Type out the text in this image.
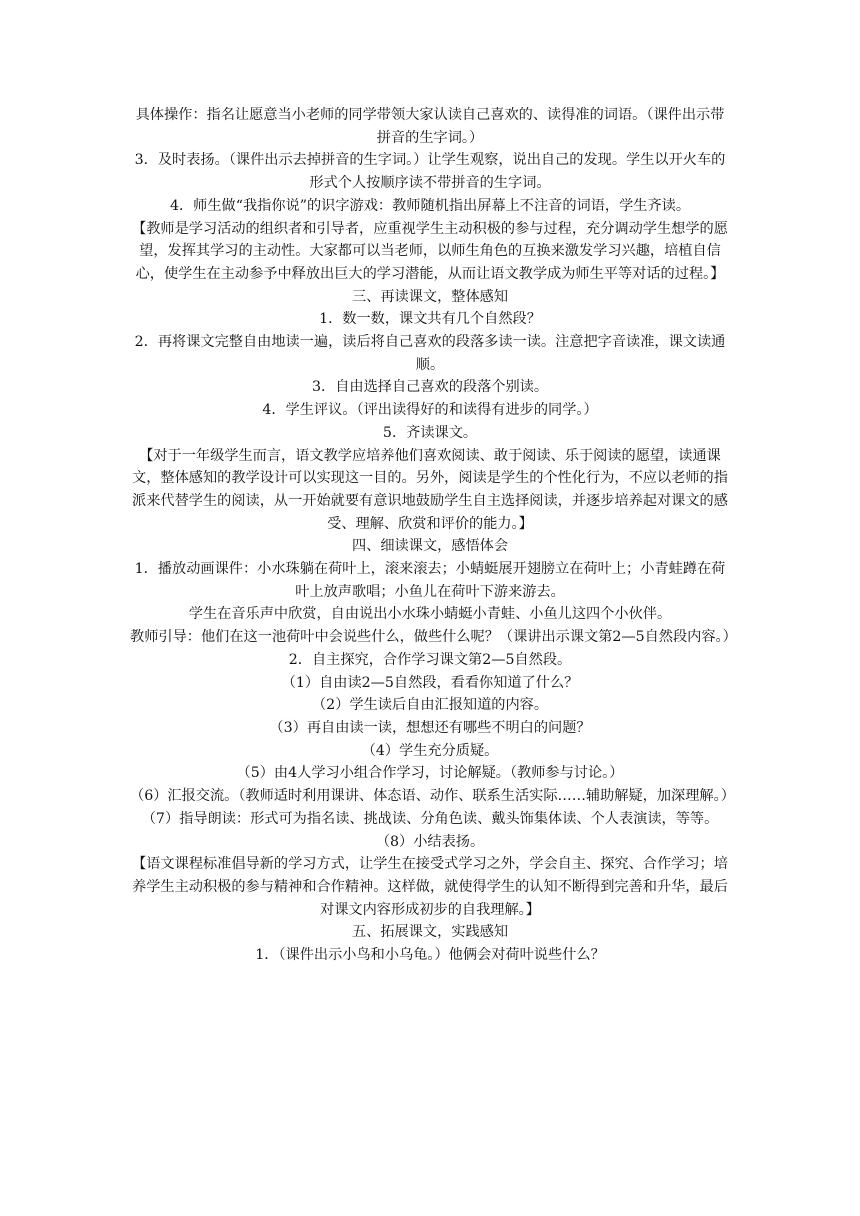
具体操作：指名让愿意当小老师的同学带领大家认读自己喜欢的、读得准的词语。（课件出示带拼音的生字词。）

3．及时表扬。（课件出示去掉拼音的生字词。）让学生观察，说出自己的发现。学生以开火车的形式个人按顺序读不带拼音的生字词。

4．师生做“我指你说”的识字游戏：教师随机指出屏幕上不注音的词语，学生齐读。

【教师是学习活动的组织者和引导者，应重视学生主动积极的参与过程，充分调动学生想学的愿望，发挥其学习的主动性。大家都可以当老师，以师生角色的互换来激发学习兴趣，培植自信心，使学生在主动参予中释放出巨大的学习潜能，从而让语文教学成为师生平等对话的过程。】

三、再读课文，整体感知

1．数一数，课文共有几个自然段？

2．再将课文完整自由地读一遍，读后将自己喜欢的段落多读一读。注意把字音读准，课文读通顺。

3．自由选择自己喜欢的段落个别读。

4．学生评议。（评出读得好的和读得有进步的同学。）

5．齐读课文。

【对于一年级学生而言，语文教学应培养他们喜欢阅读、敢于阅读、乐于阅读的愿望，读通课文，整体感知的教学设计可以实现这一目的。另外，阅读是学生的个性化行为，不应以老师的指派来代替学生的阅读，从一开始就要有意识地鼓励学生自主选择阅读，并逐步培养起对课文的感受、理解、欣赏和评价的能力。】

四、细读课文，感悟体会

1．播放动画课件：小水珠躺在荷叶上，滚来滚去；小蜻蜓展开翅膀立在荷叶上；小青蛙蹲在荷叶上放声歌唱；小鱼儿在荷叶下游来游去。

学生在音乐声中欣赏，自由说出小水珠小蜻蜓小青蛙、小鱼儿这四个小伙伴。

教师引导：他们在这一池荷叶中会说些什么，做些什么呢？（课讲出示课文第2—5自然段内容。）

2．自主探究，合作学习课文第2—5自然段。

（1）自由读2—5自然段，看看你知道了什么？

（2）学生读后自由汇报知道的内容。

（3）再自由读一读，想想还有哪些不明白的问题？

（4）学生充分质疑。

（5）由4人学习小组合作学习，讨论解疑。（教师参与讨论。）

（6）汇报交流。（教师适时利用课讲、体态语、动作、联系生活实际……辅助解疑，加深理解。）

（7）指导朗读：形式可为指名读、挑战读、分角色读、戴头饰集体读、个人表演读，等等。

（8）小结表扬。

【语文课程标准倡导新的学习方式，让学生在接受式学习之外，学会自主、探究、合作学习；培养学生主动积极的参与精神和合作精神。这样做，就使得学生的认知不断得到完善和升华，最后对课文内容形成初步的自我理解。】

五、拓展课文，实践感知

1．（课件出示小鸟和小乌龟。）他俩会对荷叶说些什么？
